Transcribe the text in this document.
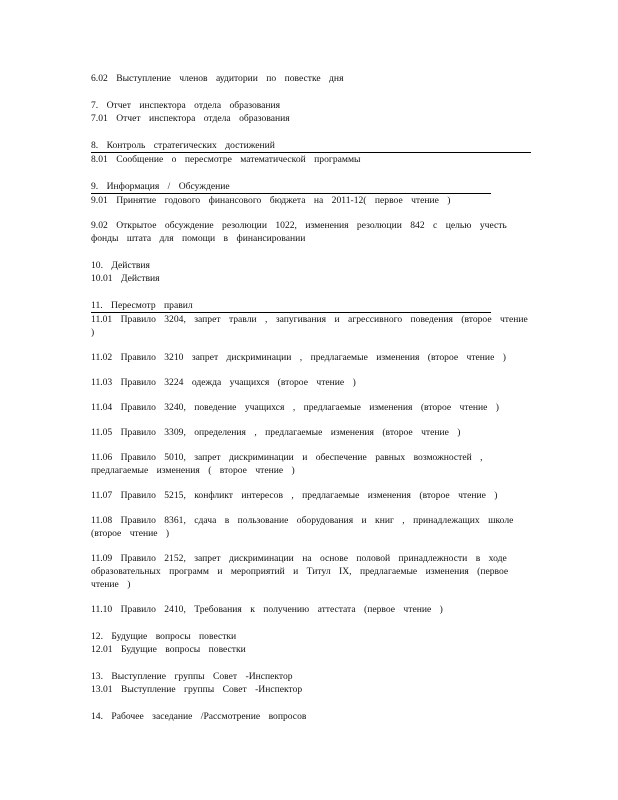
6.02 Выступление членов аудитории по повестке дня
7. Отчет инспектора отдела образования
7.01 Отчет инспектора отдела образования
8. Контроль стратегических достижений
8.01 Сообщение о пересмотре математической программы
9. Информация / Обсуждение
9.01 Принятие годового финансового бюджета на 2011-12( первое чтение )
9.02 Открытое обсуждение резолюции 1022, изменения резолюции 842 с целью учесть фонды штата для помощи в финансировании
10. Действия
10.01 Действия
11. Пересмотр правил
11.01 Правило 3204, запрет травли , запугивания и агрессивного поведения (второе чтение )
11.02 Правило 3210 запрет дискриминации , предлагаемые изменения (второе чтение )
11.03 Правило 3224 одежда учащихся (второе чтение )
11.04 Правило 3240, поведение учащихся , предлагаемые изменения (второе чтение )
11.05 Правило 3309, определения , предлагаемые изменения (второе чтение )
11.06 Правило 5010, запрет дискриминации и обеспечение равных возможностей , предлагаемые изменения ( второе чтение )
11.07 Правило 5215, конфликт интересов , предлагаемые изменения (второе чтение )
11.08 Правило 8361, сдача в пользование оборудования и книг , принадлежащих школе (второе чтение )
11.09 Правило 2152, запрет дискриминации на основе половой принадлежности в ходе образовательных программ и мероприятий и Титул IX, предлагаемые изменения (первое чтение )
11.10 Правило 2410, Требования к получению аттестата (первое чтение )
12. Будущие вопросы повестки
12.01 Будущие вопросы повестки
13. Выступление группы Совет -Инспектор
13.01 Выступление группы Совет -Инспектор
14. Рабочее заседание /Рассмотрение вопросов
